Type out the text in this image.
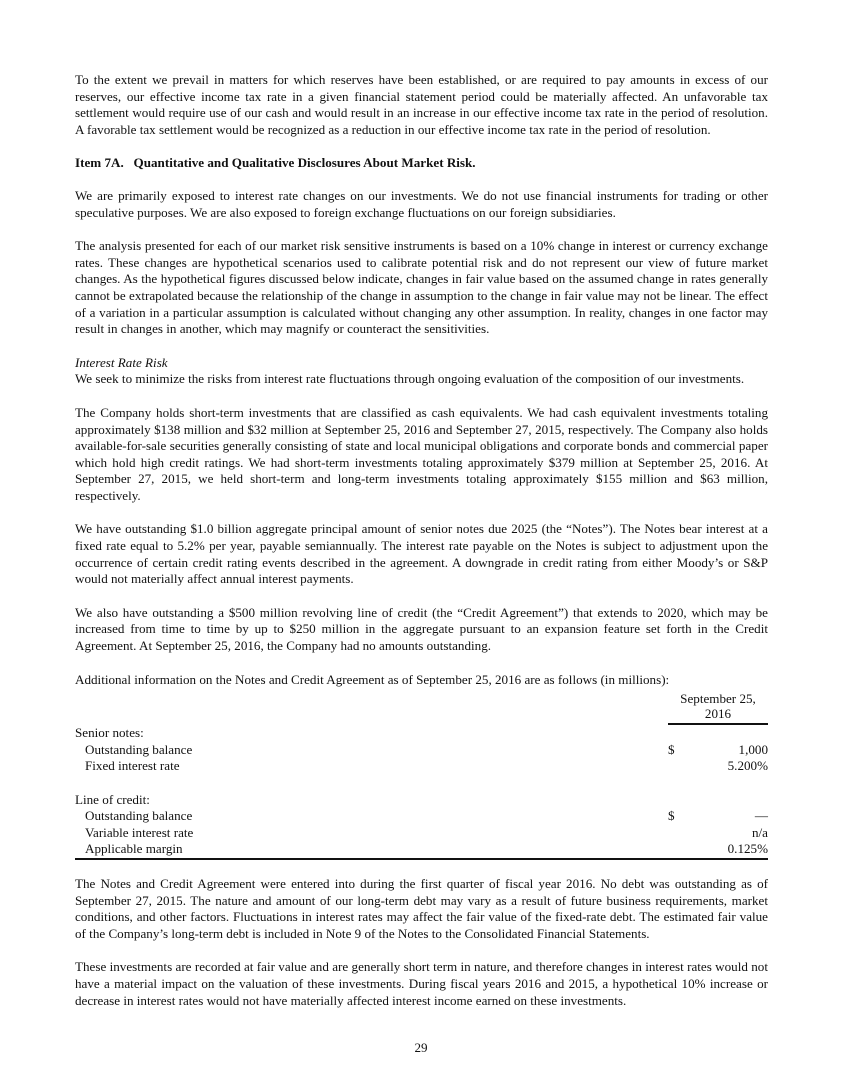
To the extent we prevail in matters for which reserves have been established, or are required to pay amounts in excess of our reserves, our effective income tax rate in a given financial statement period could be materially affected. An unfavorable tax settlement would require use of our cash and would result in an increase in our effective income tax rate in the period of resolution. A favorable tax settlement would be recognized as a reduction in our effective income tax rate in the period of resolution.

Item 7A.   Quantitative and Qualitative Disclosures About Market Risk.

We are primarily exposed to interest rate changes on our investments. We do not use financial instruments for trading or other speculative purposes. We are also exposed to foreign exchange fluctuations on our foreign subsidiaries.

The analysis presented for each of our market risk sensitive instruments is based on a 10% change in interest or currency exchange rates. These changes are hypothetical scenarios used to calibrate potential risk and do not represent our view of future market changes. As the hypothetical figures discussed below indicate, changes in fair value based on the assumed change in rates generally cannot be extrapolated because the relationship of the change in assumption to the change in fair value may not be linear. The effect of a variation in a particular assumption is calculated without changing any other assumption. In reality, changes in one factor may result in changes in another, which may magnify or counteract the sensitivities.

Interest Rate Risk

We seek to minimize the risks from interest rate fluctuations through ongoing evaluation of the composition of our investments.

The Company holds short-term investments that are classified as cash equivalents. We had cash equivalent investments totaling approximately $138 million and $32 million at September 25, 2016 and September 27, 2015, respectively. The Company also holds available-for-sale securities generally consisting of state and local municipal obligations and corporate bonds and commercial paper which hold high credit ratings. We had short-term investments totaling approximately $379 million at September 25, 2016. At September 27, 2015, we held short-term and long-term investments totaling approximately $155 million and $63 million, respectively.

We have outstanding $1.0 billion aggregate principal amount of senior notes due 2025 (the “Notes”). The Notes bear interest at a fixed rate equal to 5.2% per year, payable semiannually. The interest rate payable on the Notes is subject to adjustment upon the occurrence of certain credit rating events described in the agreement. A downgrade in credit rating from either Moody’s or S&P would not materially affect annual interest payments.

We also have outstanding a $500 million revolving line of credit (the “Credit Agreement”) that extends to 2020, which may be increased from time to time by up to $250 million in the aggregate pursuant to an expansion feature set forth in the Credit Agreement. At September 25, 2016, the Company had no amounts outstanding.

Additional information on the Notes and Credit Agreement as of September 25, 2016 are as follows (in millions):

	September 25,
2016	
Senior notes:		
Outstanding balance	$	1,000
Fixed interest rate		5.200%

Line of credit:		
Outstanding balance	$	—
Variable interest rate		n/a
Applicable margin		0.125%

The Notes and Credit Agreement were entered into during the first quarter of fiscal year 2016. No debt was outstanding as of September 27, 2015. The nature and amount of our long-term debt may vary as a result of future business requirements, market conditions, and other factors. Fluctuations in interest rates may affect the fair value of the fixed-rate debt. The estimated fair value of the Company’s long-term debt is included in Note 9 of the Notes to the Consolidated Financial Statements.

These investments are recorded at fair value and are generally short term in nature, and therefore changes in interest rates would not have a material impact on the valuation of these investments. During fiscal years 2016 and 2015, a hypothetical 10% increase or decrease in interest rates would not have materially affected interest income earned on these investments.

29
